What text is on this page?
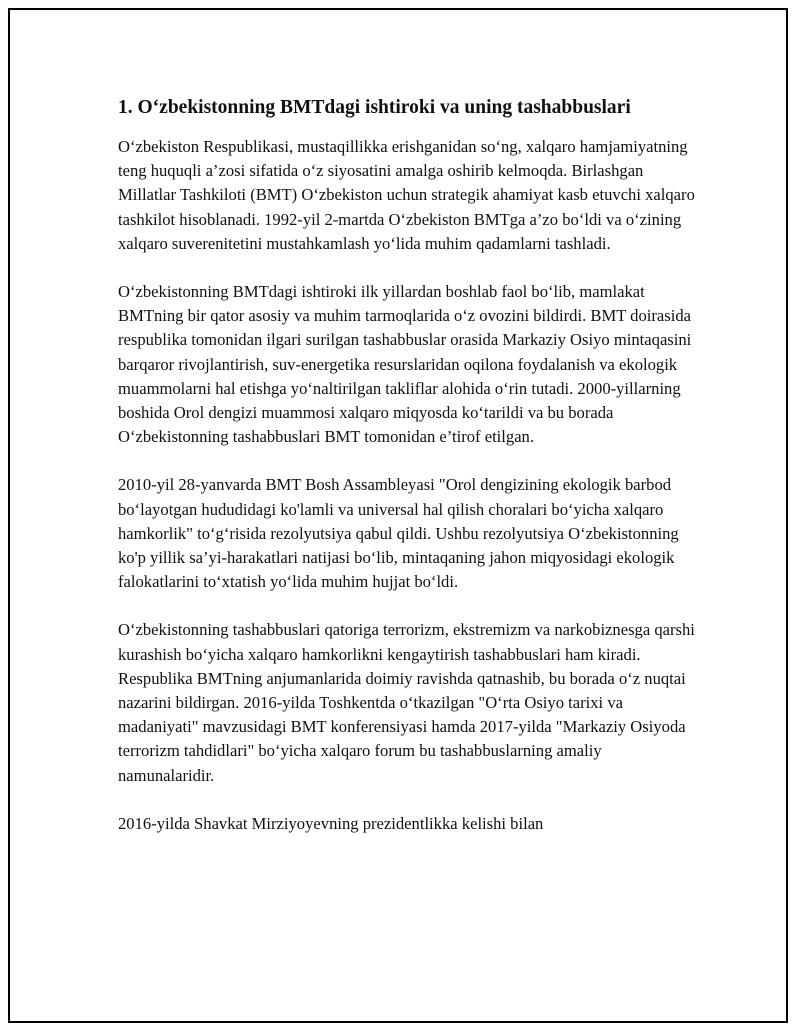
1. O‘zbekistonning BMTdagi ishtiroki va uning tashabbuslari

O‘zbekiston Respublikasi, mustaqillikka erishganidan so‘ng, xalqaro hamjamiyatning teng huquqli a’zosi sifatida o‘z siyosatini amalga oshirib kelmoqda. Birlashgan Millatlar Tashkiloti (BMT) O‘zbekiston uchun strategik ahamiyat kasb etuvchi xalqaro tashkilot hisoblanadi. 1992-yil 2-martda O‘zbekiston BMTga a’zo bo‘ldi va o‘zining xalqaro suverenitetini mustahkamlash yo‘lida muhim qadamlarni tashladi.

O‘zbekistonning BMTdagi ishtiroki ilk yillardan boshlab faol bo‘lib, mamlakat BMTning bir qator asosiy va muhim tarmoqlarida o‘z ovozini bildirdi. BMT doirasida respublika tomonidan ilgari surilgan tashabbuslar orasida Markaziy Osiyo mintaqasini barqaror rivojlantirish, suv-energetika resurslaridan oqilona foydalanish va ekologik muammolarni hal etishga yo‘naltirilgan takliflar alohida o‘rin tutadi. 2000-yillarning boshida Orol dengizi muammosi xalqaro miqyosda ko‘tarildi va bu borada O‘zbekistonning tashabbuslari BMT tomonidan e’tirof etilgan.

2010-yil 28-yanvarda BMT Bosh Assambleyasi "Orol dengizining ekologik barbod bo‘layotgan hududidagi ko'lamli va universal hal qilish choralari bo‘yicha xalqaro hamkorlik" to‘g‘risida rezolyutsiya qabul qildi. Ushbu rezolyutsiya O‘zbekistonning ko'p yillik sa’yi-harakatlari natijasi bo‘lib, mintaqaning jahon miqyosidagi ekologik falokatlarini to‘xtatish yo‘lida muhim hujjat bo‘ldi.

O‘zbekistonning tashabbuslari qatoriga terrorizm, ekstremizm va narkobiznesga qarshi kurashish bo‘yicha xalqaro hamkorlikni kengaytirish tashabbuslari ham kiradi. Respublika BMTning anjumanlarida doimiy ravishda qatnashib, bu borada o‘z nuqtai nazarini bildirgan. 2016-yilda Toshkentda o‘tkazilgan "O‘rta Osiyo tarixi va madaniyati" mavzusidagi BMT konferensiyasi hamda 2017-yilda "Markaziy Osiyoda terrorizm tahdidlari" bo‘yicha xalqaro forum bu tashabbuslarning amaliy namunalaridir.

2016-yilda Shavkat Mirziyoyevning prezidentlikka kelishi bilan
